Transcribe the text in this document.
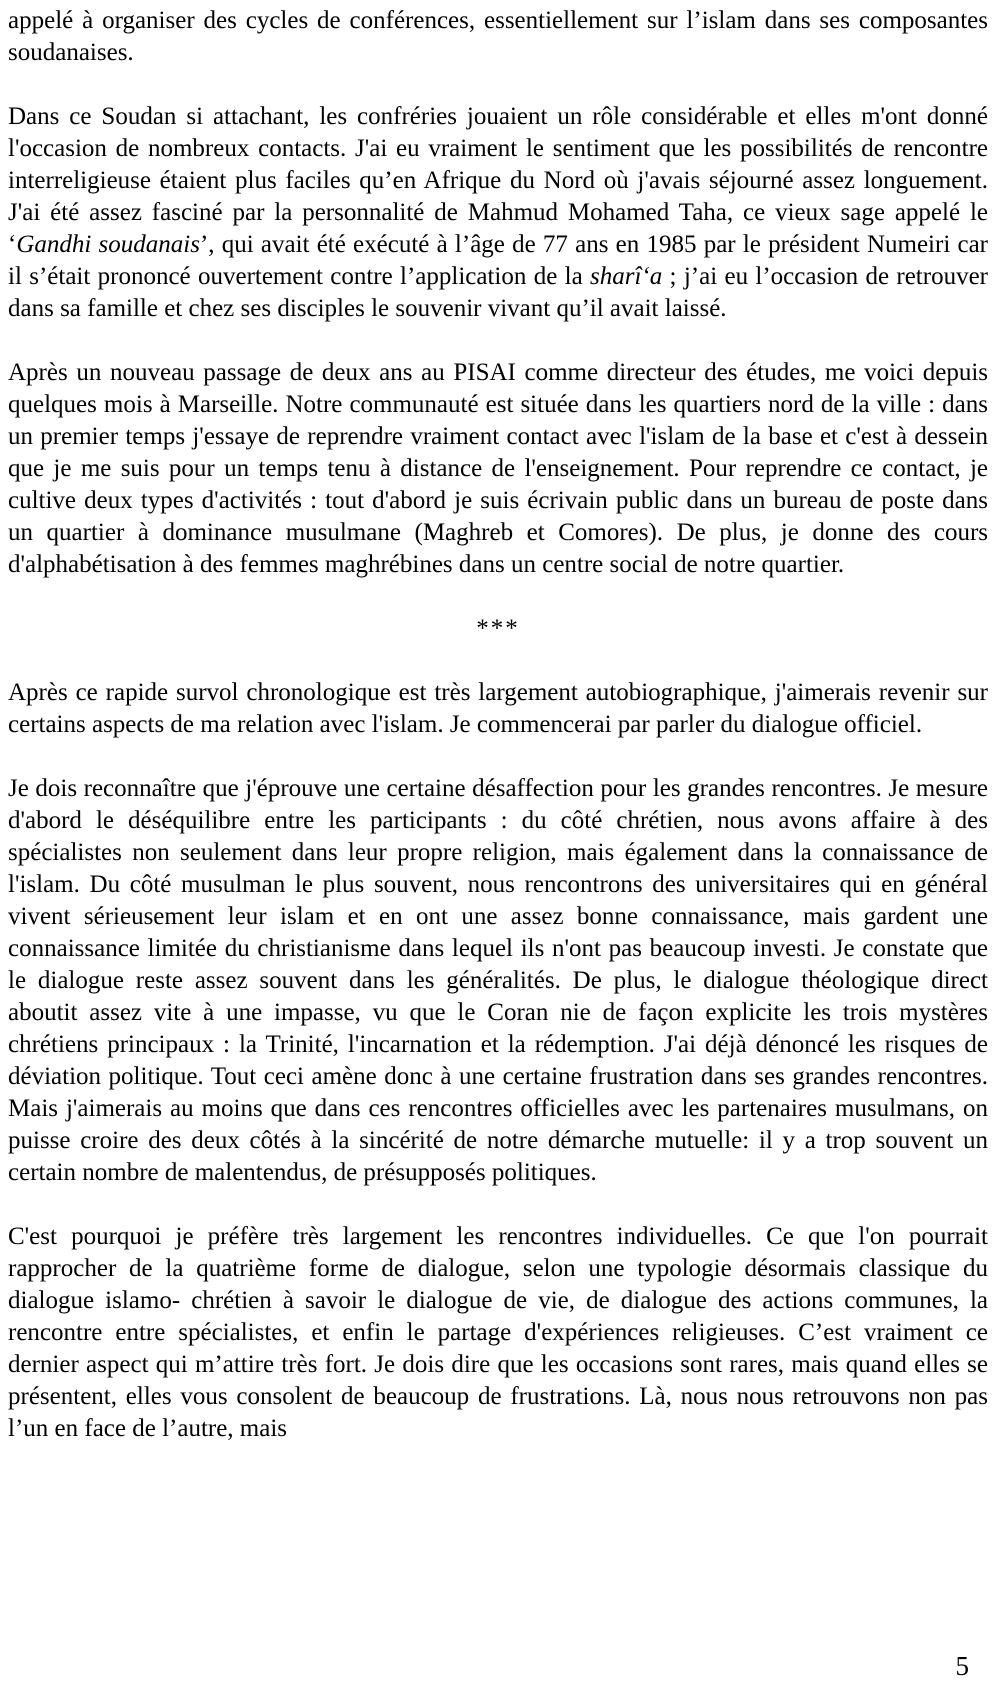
appelé à organiser des cycles de conférences, essentiellement sur l’islam dans ses composantes soudanaises.

Dans ce Soudan si attachant, les confréries jouaient un rôle considérable et elles m'ont donné l'occasion de nombreux contacts. J'ai eu vraiment le sentiment que les possibilités de rencontre interreligieuse étaient plus faciles qu’en Afrique du Nord où j'avais séjourné assez longuement. J'ai été assez fasciné par la personnalité de Mahmud Mohamed Taha, ce vieux sage appelé le ‘Gandhi soudanais’, qui avait été exécuté à l’âge de 77 ans en 1985 par le président Numeiri car il s’était prononcé ouvertement contre l’application de la sharî‘a ; j’ai eu l’occasion de retrouver dans sa famille et chez ses disciples le souvenir vivant qu’il avait laissé.

Après un nouveau passage de deux ans au PISAI comme directeur des études, me voici depuis quelques mois à Marseille. Notre communauté est située dans les quartiers nord de la ville : dans un premier temps j'essaye de reprendre vraiment contact avec l'islam de la base et c'est à dessein que je me suis pour un temps tenu à distance de l'enseignement. Pour reprendre ce contact, je cultive deux types d'activités : tout d'abord je suis écrivain public dans un bureau de poste dans un quartier à dominance musulmane (Maghreb et Comores). De plus, je donne des cours d'alphabétisation à des femmes maghrébines dans un centre social de notre quartier.

***

Après ce rapide survol chronologique est très largement autobiographique, j'aimerais revenir sur certains aspects de ma relation avec l'islam. Je commencerai par parler du dialogue officiel.

Je dois reconnaître que j'éprouve une certaine désaffection pour les grandes rencontres. Je mesure d'abord le déséquilibre entre les participants : du côté chrétien, nous avons affaire à des spécialistes non seulement dans leur propre religion, mais également dans la connaissance de l'islam. Du côté musulman le plus souvent, nous rencontrons des universitaires qui en général vivent sérieusement leur islam et en ont une assez bonne connaissance, mais gardent une connaissance limitée du christianisme dans lequel ils n'ont pas beaucoup investi. Je constate que le dialogue reste assez souvent dans les généralités. De plus, le dialogue théologique direct aboutit assez vite à une impasse, vu que le Coran nie de façon explicite les trois mystères chrétiens principaux : la Trinité, l'incarnation et la rédemption. J'ai déjà dénoncé les risques de déviation politique. Tout ceci amène donc à une certaine frustration dans ses grandes rencontres. Mais j'aimerais au moins que dans ces rencontres officielles avec les partenaires musulmans, on puisse croire des deux côtés à la sincérité de notre démarche mutuelle: il y a trop souvent un certain nombre de malentendus, de présupposés politiques.

C'est pourquoi je préfère très largement les rencontres individuelles. Ce que l'on pourrait rapprocher de la quatrième forme de dialogue, selon une typologie désormais classique du dialogue islamo- chrétien à savoir le dialogue de vie, de dialogue des actions communes, la rencontre entre spécialistes, et enfin le partage d'expériences religieuses. C’est vraiment ce dernier aspect qui m’attire très fort. Je dois dire que les occasions sont rares, mais quand elles se présentent, elles vous consolent de beaucoup de frustrations. Là, nous nous retrouvons non pas l’un en face de l’autre, mais

5
